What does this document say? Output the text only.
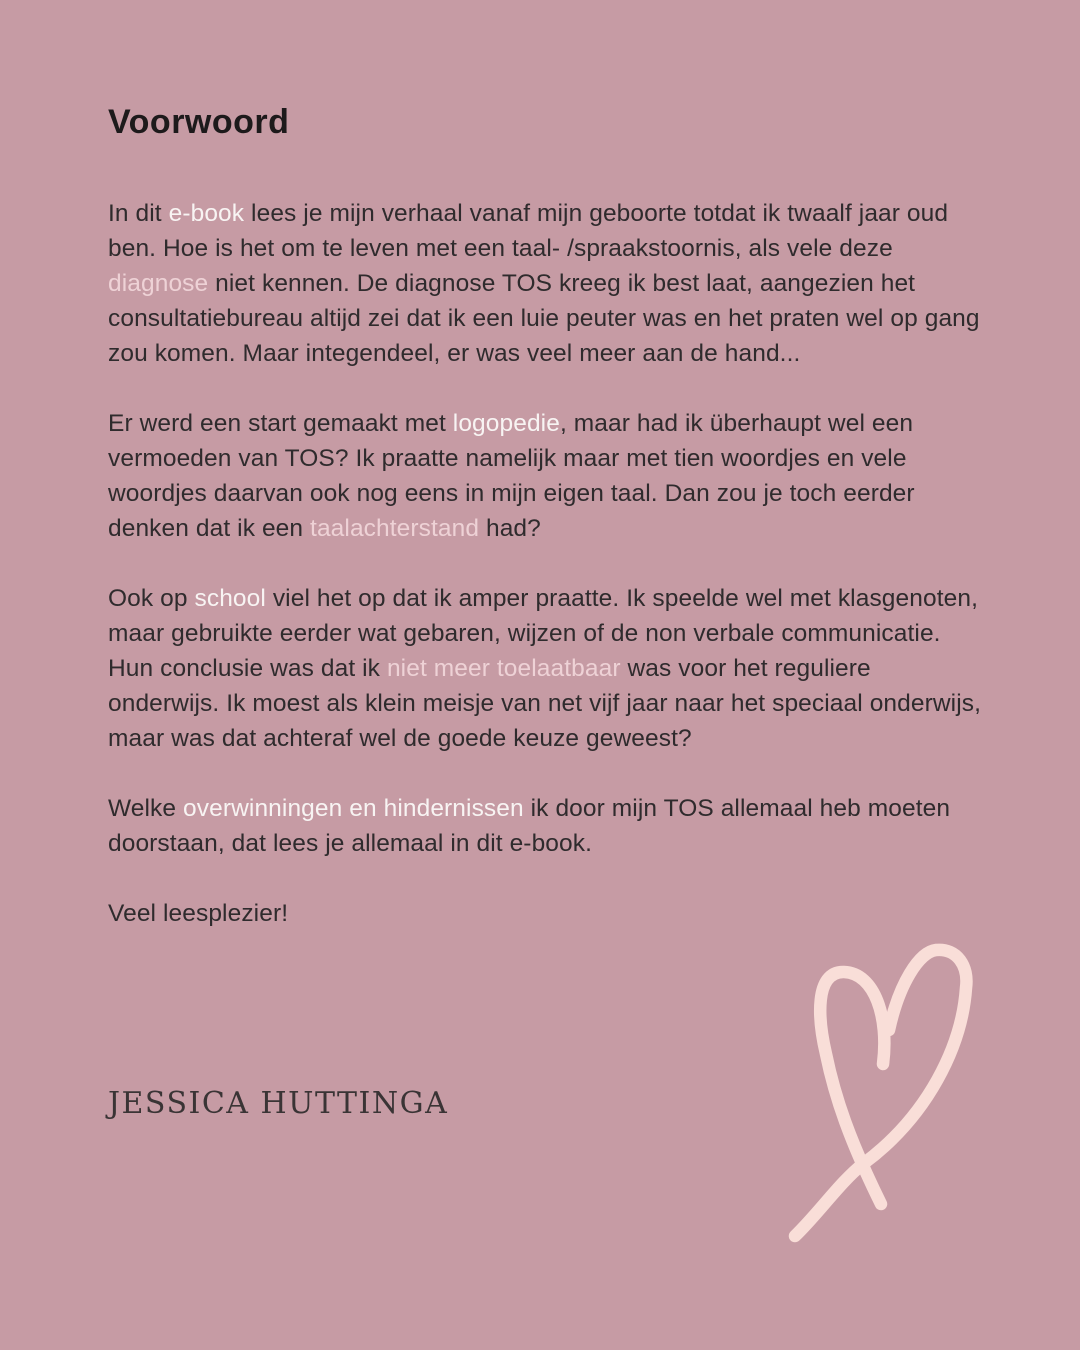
Voorwoord

In dit e-book lees je mijn verhaal vanaf mijn geboorte totdat ik twaalf jaar oud ben. Hoe is het om te leven met een taal- /spraakstoornis, als vele deze diagnose niet kennen. De diagnose TOS kreeg ik best laat, aangezien het consultatiebureau altijd zei dat ik een luie peuter was en het praten wel op gang zou komen. Maar integendeel, er was veel meer aan de hand...

Er werd een start gemaakt met logopedie, maar had ik überhaupt wel een vermoeden van TOS? Ik praatte namelijk maar met tien woordjes en vele woordjes daarvan ook nog eens in mijn eigen taal. Dan zou je toch eerder denken dat ik een taalachterstand had?

Ook op school viel het op dat ik amper praatte. Ik speelde wel met klasgenoten, maar gebruikte eerder wat gebaren, wijzen of de non verbale communicatie. Hun conclusie was dat ik niet meer toelaatbaar was voor het reguliere onderwijs. Ik moest als klein meisje van net vijf jaar naar het speciaal onderwijs, maar was dat achteraf wel de goede keuze geweest?

Welke overwinningen en hindernissen ik door mijn TOS allemaal heb moeten doorstaan, dat lees je allemaal in dit e-book.

Veel leesplezier!

JESSICA HUTTINGA
